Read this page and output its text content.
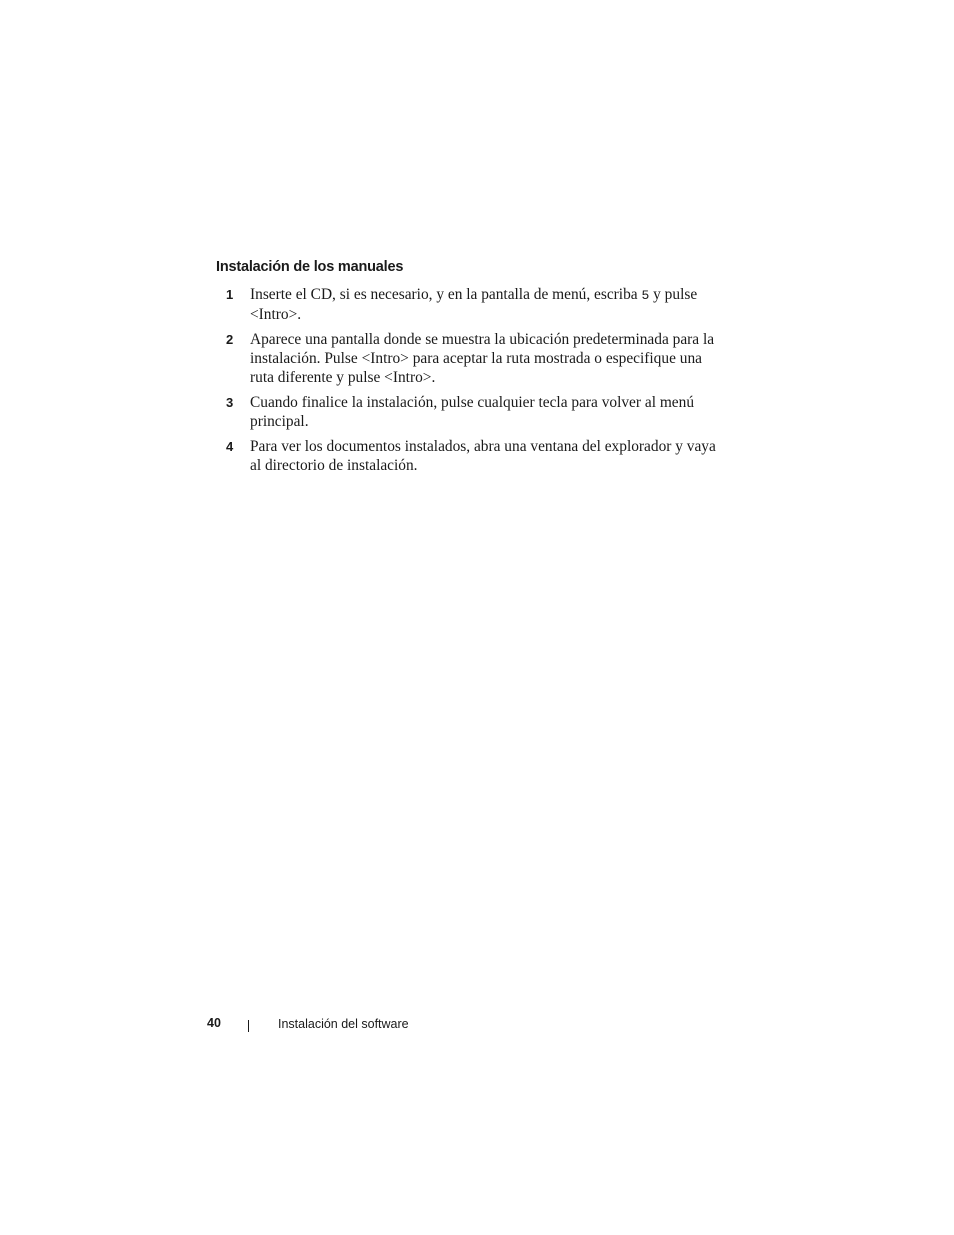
Instalación de los manuales
1 Inserte el CD, si es necesario, y en la pantalla de menú, escriba 5 y pulse <Intro>.
2 Aparece una pantalla donde se muestra la ubicación predeterminada para la instalación. Pulse <Intro> para aceptar la ruta mostrada o especifique una ruta diferente y pulse <Intro>.
3 Cuando finalice la instalación, pulse cualquier tecla para volver al menú principal.
4 Para ver los documentos instalados, abra una ventana del explorador y vaya al directorio de instalación.
40	Instalación del software
